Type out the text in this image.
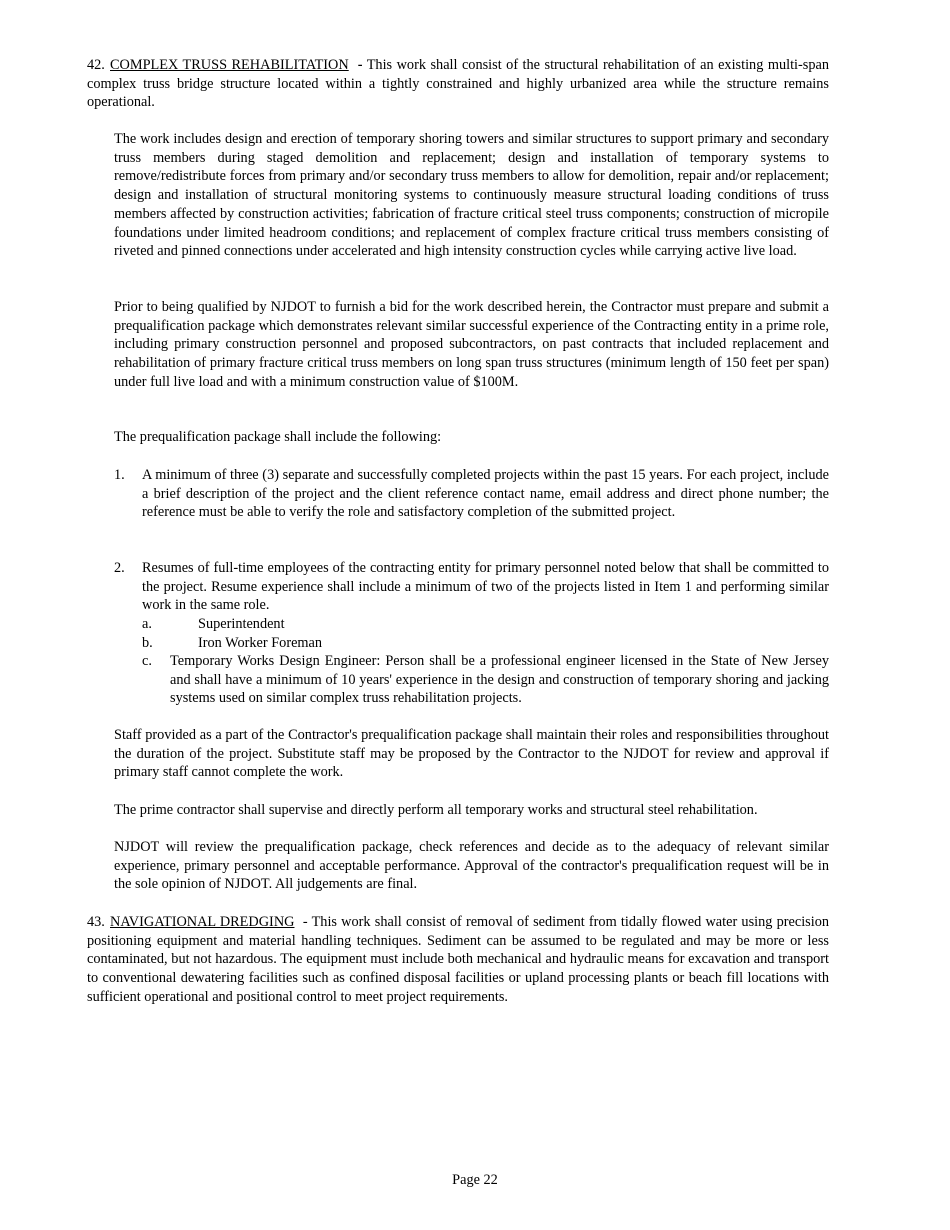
42. COMPLEX TRUSS REHABILITATION - This work shall consist of the structural rehabilitation of an existing multi-span complex truss bridge structure located within a tightly constrained and highly urbanized area while the structure remains operational.

The work includes design and erection of temporary shoring towers and similar structures to support primary and secondary truss members during staged demolition and replacement; design and installation of temporary systems to remove/redistribute forces from primary and/or secondary truss members to allow for demolition, repair and/or replacement; design and installation of structural monitoring systems to continuously measure structural loading conditions of truss members affected by construction activities; fabrication of fracture critical steel truss components; construction of micropile foundations under limited headroom conditions; and replacement of complex fracture critical truss members consisting of riveted and pinned connections under accelerated and high intensity construction cycles while carrying active live load.

Prior to being qualified by NJDOT to furnish a bid for the work described herein, the Contractor must prepare and submit a prequalification package which demonstrates relevant similar successful experience of the Contracting entity in a prime role, including primary construction personnel and proposed subcontractors, on past contracts that included replacement and rehabilitation of primary fracture critical truss members on long span truss structures (minimum length of 150 feet per span) under full live load and with a minimum construction value of $100M.

The prequalification package shall include the following:

1.	A minimum of three (3) separate and successfully completed projects within the past 15 years. For each project, include a brief description of the project and the client reference contact name, email address and direct phone number; the reference must be able to verify the role and satisfactory completion of the submitted project.

2.	Resumes of full-time employees of the contracting entity for primary personnel noted below that shall be committed to the project. Resume experience shall include a minimum of two of the projects listed in Item 1 and performing similar work in the same role.

a.	Superintendent

b.	Iron Worker Foreman

c.	Temporary Works Design Engineer: Person shall be a professional engineer licensed in the State of New Jersey and shall have a minimum of 10 years' experience in the design and construction of temporary shoring and jacking systems used on similar complex truss rehabilitation projects.

Staff provided as a part of the Contractor's prequalification package shall maintain their roles and responsibilities throughout the duration of the project. Substitute staff may be proposed by the Contractor to the NJDOT for review and approval if primary staff cannot complete the work.

The prime contractor shall supervise and directly perform all temporary works and structural steel rehabilitation.

NJDOT will review the prequalification package, check references and decide as to the adequacy of relevant similar experience, primary personnel and acceptable performance. Approval of the contractor's prequalification request will be in the sole opinion of NJDOT. All judgements are final.

43. NAVIGATIONAL DREDGING - This work shall consist of removal of sediment from tidally flowed water using precision positioning equipment and material handling techniques. Sediment can be assumed to be regulated and may be more or less contaminated, but not hazardous. The equipment must include both mechanical and hydraulic means for excavation and transport to conventional dewatering facilities such as confined disposal facilities or upland processing plants or beach fill locations with sufficient operational and positional control to meet project requirements.
Page 22
